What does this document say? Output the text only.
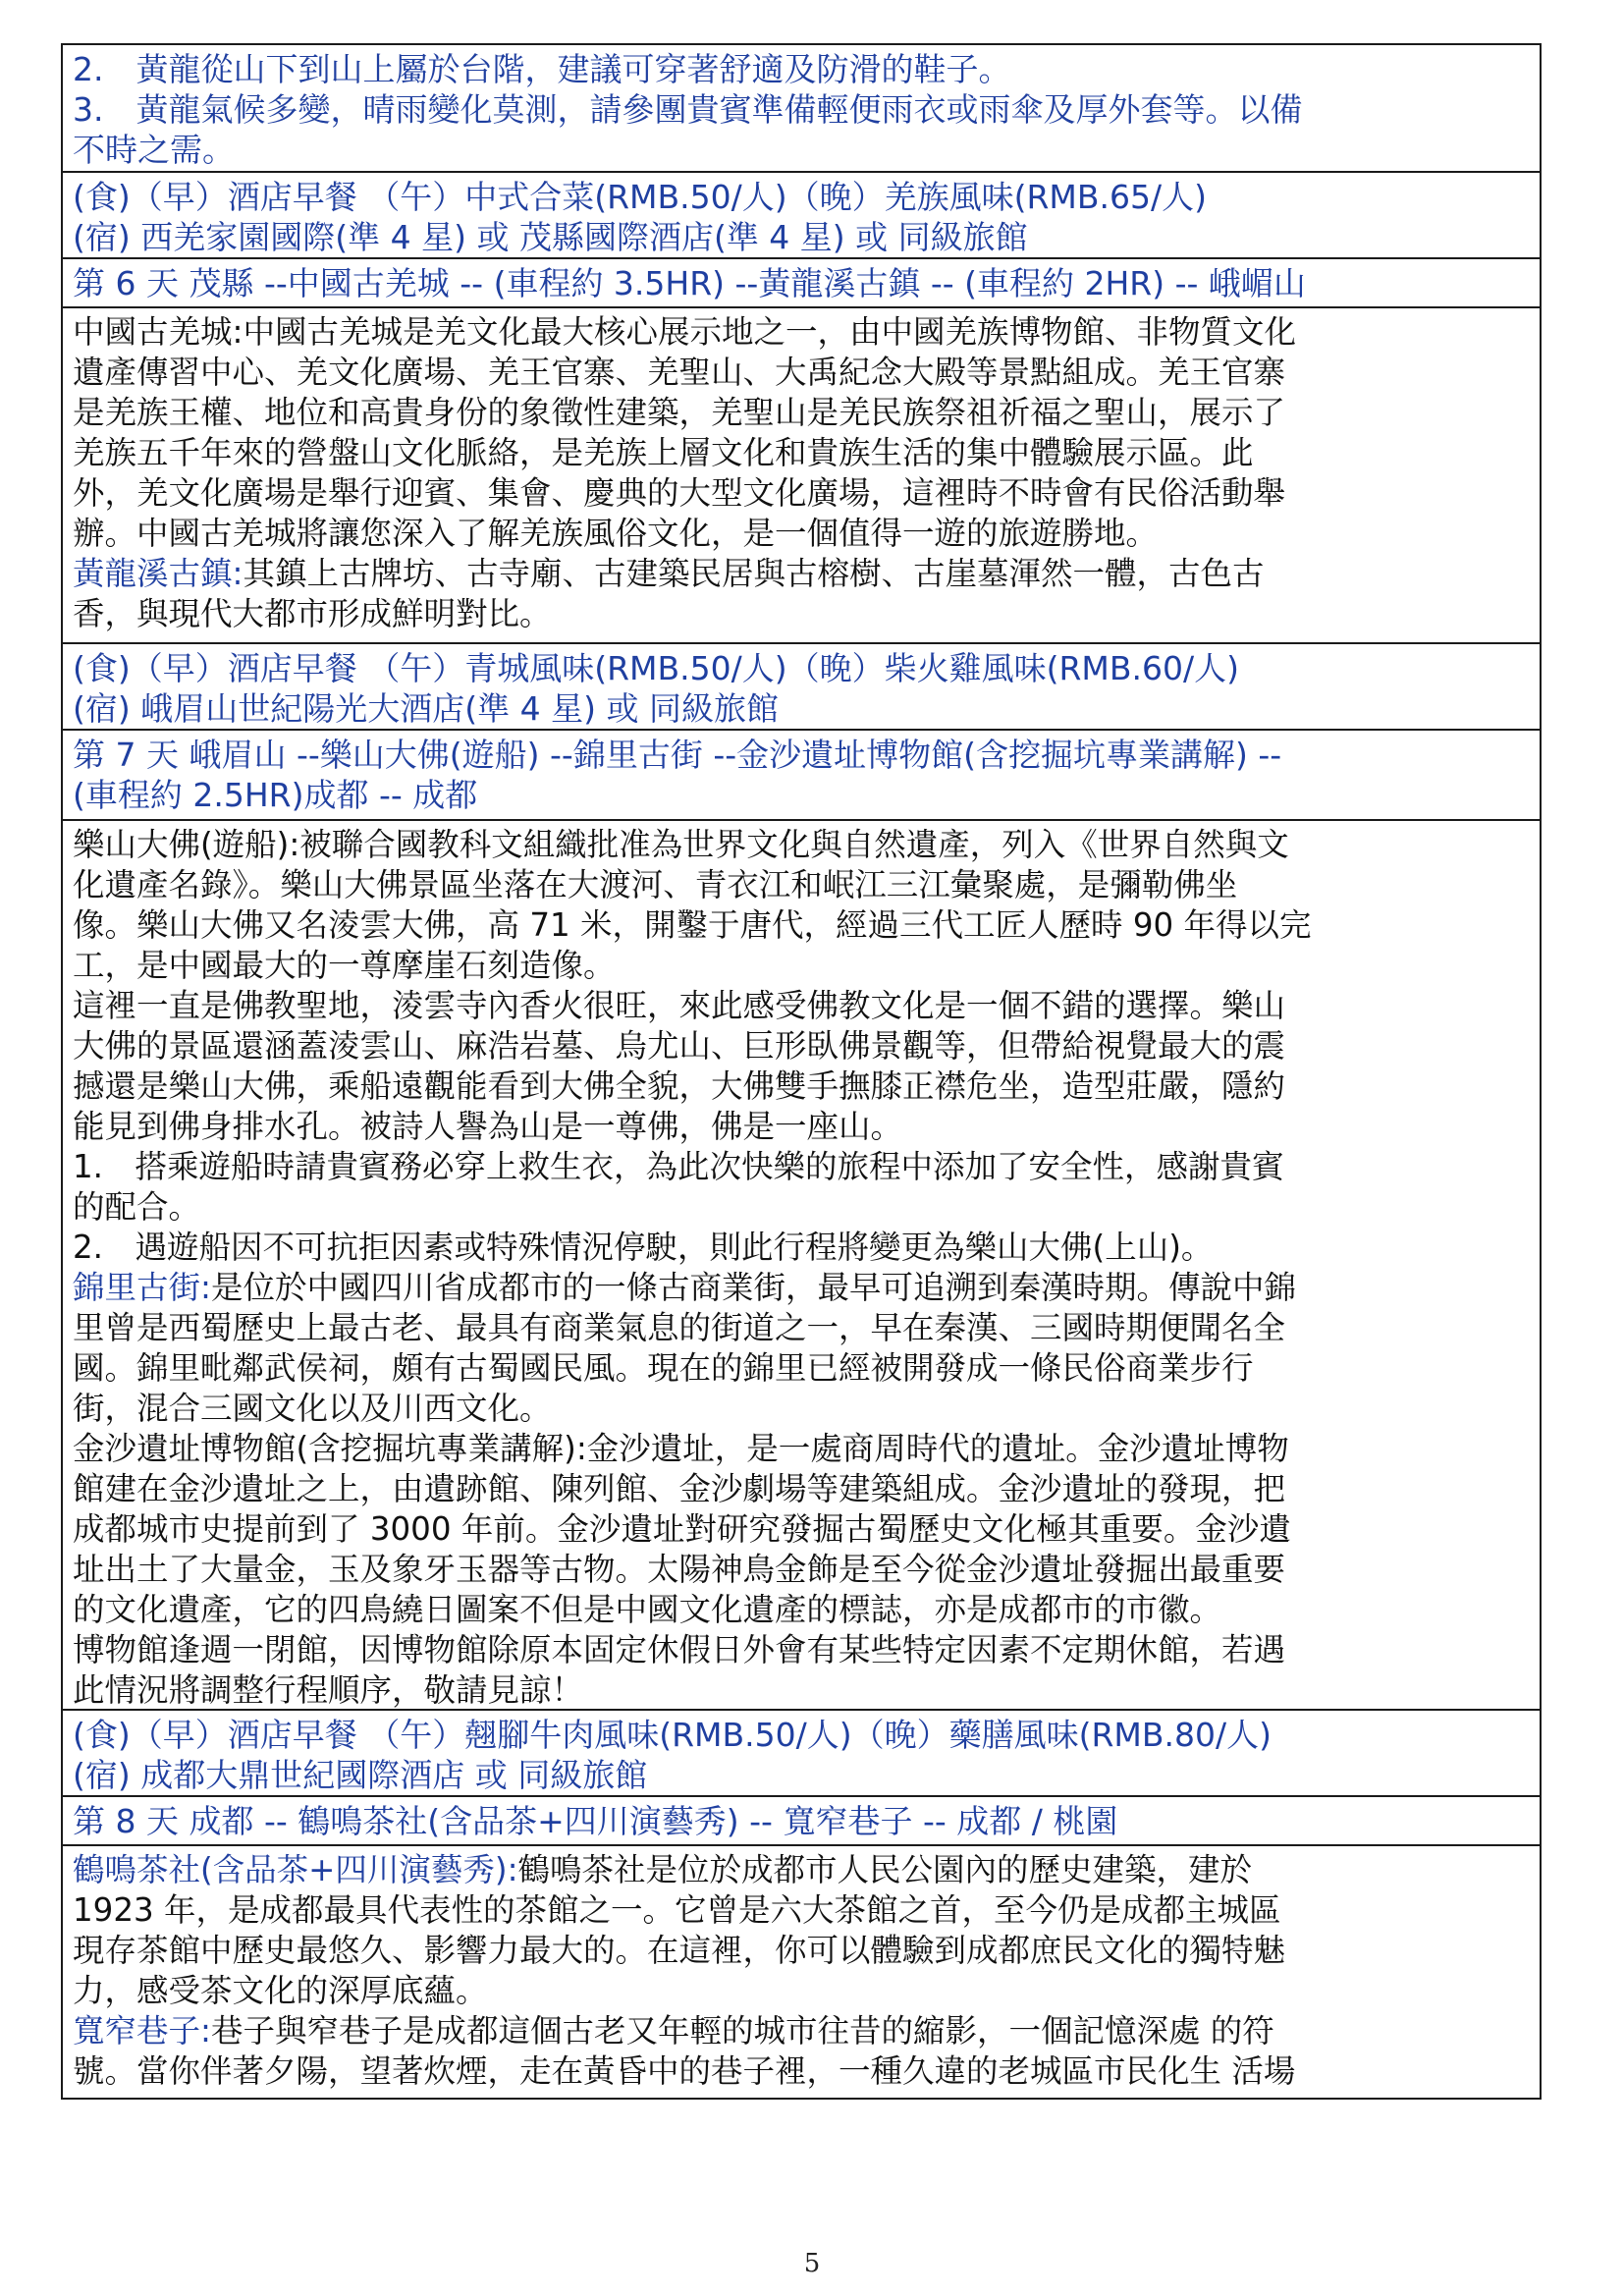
2.　黃龍從山下到山上屬於台階，建議可穿著舒適及防滑的鞋子。
3.　黃龍氣候多變，晴雨變化莫測，請參團貴賓準備輕便雨衣或雨傘及厚外套等。以備
不時之需。
(食)（早）酒店早餐 （午）中式合菜(RMB.50/人)（晚）羌族風味(RMB.65/人)
(宿) 西羌家園國際(準 4 星) 或 茂縣國際酒店(準 4 星) 或 同級旅館
第 6 天 茂縣 --中國古羌城 -- (車程約 3.5HR) --黃龍溪古鎮 -- (車程約 2HR) -- 峨嵋山
中國古羌城:中國古羌城是羌文化最大核心展示地之一，由中國羌族博物館、非物質文化
遺產傳習中心、羌文化廣場、羌王官寨、羌聖山、大禹紀念大殿等景點組成。羌王官寨
是羌族王權、地位和高貴身份的象徵性建築，羌聖山是羌民族祭祖祈福之聖山，展示了
羌族五千年來的營盤山文化脈絡，是羌族上層文化和貴族生活的集中體驗展示區。此
外，羌文化廣場是舉行迎賓、集會、慶典的大型文化廣場，這裡時不時會有民俗活動舉
辦。中國古羌城將讓您深入了解羌族風俗文化，是一個值得一遊的旅遊勝地。
黃龍溪古鎮:其鎮上古牌坊、古寺廟、古建築民居與古榕樹、古崖墓渾然一體，古色古
香，與現代大都市形成鮮明對比。
(食)（早）酒店早餐 （午）青城風味(RMB.50/人)（晚）柴火雞風味(RMB.60/人)
(宿) 峨眉山世紀陽光大酒店(準 4 星) 或 同級旅館
第 7 天 峨眉山 --樂山大佛(遊船) --錦里古街 --金沙遺址博物館(含挖掘坑專業講解) --
(車程約 2.5HR)成都 -- 成都
樂山大佛(遊船):被聯合國教科文組織批准為世界文化與自然遺產，列入《世界自然與文
化遺產名錄》。樂山大佛景區坐落在大渡河、青衣江和岷江三江彙聚處，是彌勒佛坐
像。樂山大佛又名淩雲大佛，高 71 米，開鑿于唐代，經過三代工匠人歷時 90 年得以完
工，是中國最大的一尊摩崖石刻造像。
這裡一直是佛教聖地，淩雲寺內香火很旺，來此感受佛教文化是一個不錯的選擇。樂山
大佛的景區還涵蓋淩雲山、麻浩岩墓、烏尤山、巨形臥佛景觀等，但帶給視覺最大的震
撼還是樂山大佛，乘船遠觀能看到大佛全貌，大佛雙手撫膝正襟危坐，造型莊嚴，隱約
能見到佛身排水孔。被詩人譽為山是一尊佛，佛是一座山。
1.　搭乘遊船時請貴賓務必穿上救生衣，為此次快樂的旅程中添加了安全性，感謝貴賓
的配合。
2.　遇遊船因不可抗拒因素或特殊情況停駛，則此行程將變更為樂山大佛(上山)。
錦里古街:是位於中國四川省成都市的一條古商業街，最早可追溯到秦漢時期。傳說中錦
里曾是西蜀歷史上最古老、最具有商業氣息的街道之一，早在秦漢、三國時期便聞名全
國。錦里毗鄰武侯祠，頗有古蜀國民風。現在的錦里已經被開發成一條民俗商業步行
街，混合三國文化以及川西文化。
金沙遺址博物館(含挖掘坑專業講解):金沙遺址，是一處商周時代的遺址。金沙遺址博物
館建在金沙遺址之上，由遺跡館、陳列館、金沙劇場等建築組成。金沙遺址的發現，把
成都城市史提前到了 3000 年前。金沙遺址對研究發掘古蜀歷史文化極其重要。金沙遺
址出土了大量金，玉及象牙玉器等古物。太陽神鳥金飾是至今從金沙遺址發掘出最重要
的文化遺產，它的四鳥繞日圖案不但是中國文化遺產的標誌，亦是成都市的市徽。
博物館逢週一閉館，因博物館除原本固定休假日外會有某些特定因素不定期休館，若遇
此情況將調整行程順序，敬請見諒！
(食)（早）酒店早餐 （午）翹腳牛肉風味(RMB.50/人)（晚）藥膳風味(RMB.80/人)
(宿) 成都大鼎世紀國際酒店 或 同級旅館
第 8 天 成都 -- 鶴鳴茶社(含品茶+四川演藝秀) -- 寬窄巷子 -- 成都 / 桃園
鶴鳴茶社(含品茶+四川演藝秀):鶴鳴茶社是位於成都市人民公園內的歷史建築，建於
1923 年，是成都最具代表性的茶館之一。它曾是六大茶館之首，至今仍是成都主城區
現存茶館中歷史最悠久、影響力最大的。在這裡，你可以體驗到成都庶民文化的獨特魅
力，感受茶文化的深厚底蘊。
寬窄巷子:巷子與窄巷子是成都這個古老又年輕的城市往昔的縮影，一個記憶深處 的符
號。當你伴著夕陽，望著炊煙，走在黃昏中的巷子裡，一種久違的老城區市民化生 活場
5
